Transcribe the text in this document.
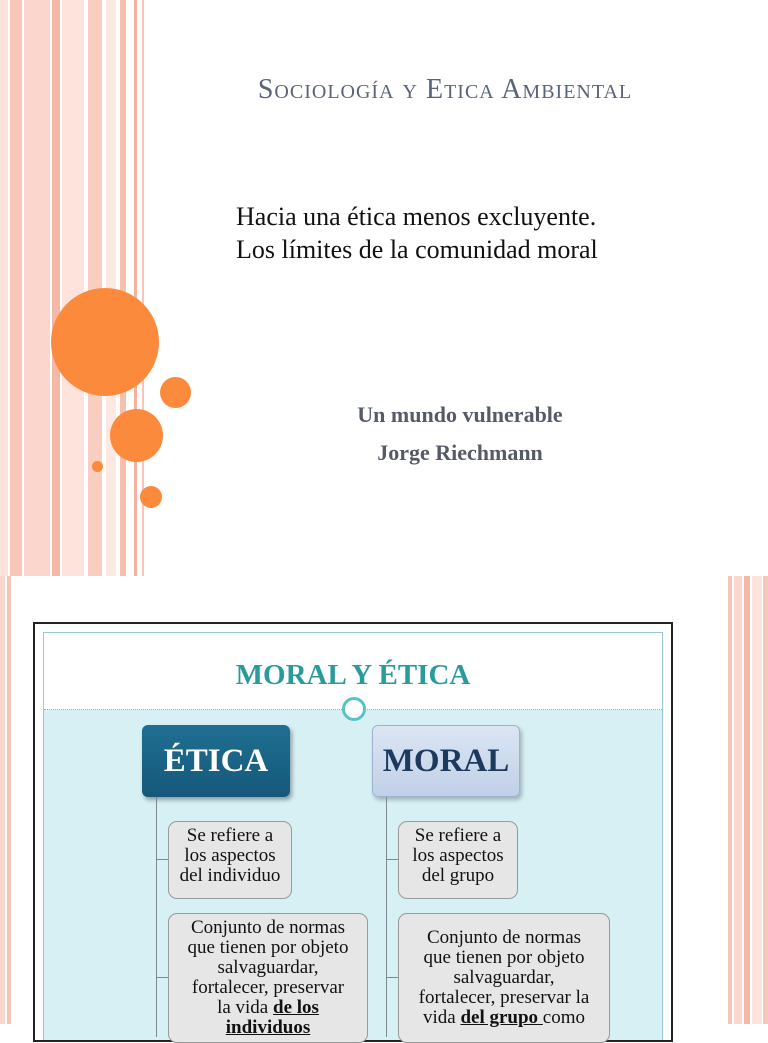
Sociología y Etica Ambiental
Hacia una ética menos excluyente.
Los límites de la comunidad moral
Un mundo vulnerable
Jorge Riechmann
MORAL Y ÉTICA
ÉTICA	MORAL
Se refiere a
los aspectos
del individuo
Conjunto de normas
que tienen por objeto
salvaguardar,
fortalecer, preservar
la vida de los
individuos
Se refiere a
los aspectos
del grupo
Conjunto de normas
que tienen por objeto
salvaguardar,
fortalecer, preservar la
vida del grupo como
